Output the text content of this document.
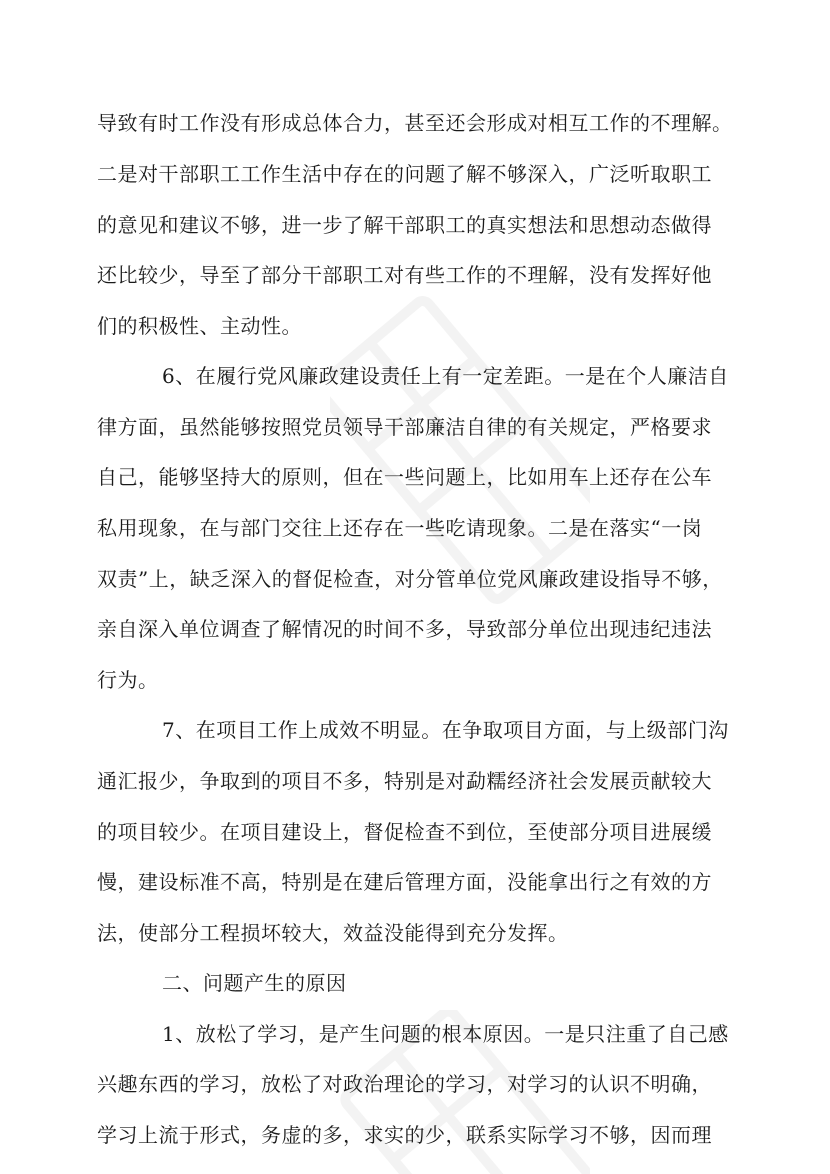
导致有时工作没有形成总体合力，甚至还会形成对相互工作的不理解。
二是对干部职工工作生活中存在的问题了解不够深入，广泛听取职工
的意见和建议不够，进一步了解干部职工的真实想法和思想动态做得
还比较少，导至了部分干部职工对有些工作的不理解，没有发挥好他
们的积极性、主动性。
6、在履行党风廉政建设责任上有一定差距。一是在个人廉洁自
律方面，虽然能够按照党员领导干部廉洁自律的有关规定，严格要求
自己，能够坚持大的原则，但在一些问题上，比如用车上还存在公车
私用现象，在与部门交往上还存在一些吃请现象。二是在落实“一岗
双责”上，缺乏深入的督促检查，对分管单位党风廉政建设指导不够，
亲自深入单位调查了解情况的时间不多，导致部分单位出现违纪违法
行为。
7、在项目工作上成效不明显。在争取项目方面，与上级部门沟
通汇报少，争取到的项目不多，特别是对勐糯经济社会发展贡献较大
的项目较少。在项目建设上，督促检查不到位，至使部分项目进展缓
慢，建设标准不高，特别是在建后管理方面，没能拿出行之有效的方
法，使部分工程损坏较大，效益没能得到充分发挥。
二、问题产生的原因
1、放松了学习，是产生问题的根本原因。一是只注重了自己感
兴趣东西的学习，放松了对政治理论的学习，对学习的认识不明确，
学习上流于形式，务虚的多，求实的少，联系实际学习不够，因而理
